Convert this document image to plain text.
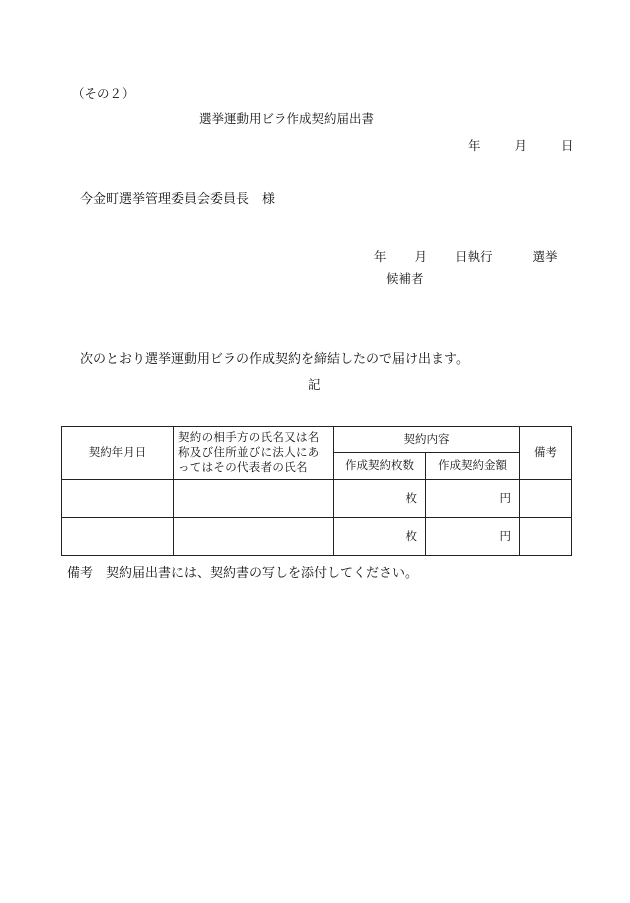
（その２）
選挙運動用ビラ作成契約届出書
年	月	日
今金町選挙管理委員会委員長　様
年 月 日執行	選挙
候補者
次のとおり選挙運動用ビラの作成契約を締結したので届け出ます。
記
契約年月日	契約の相手方の氏名又は名称及び住所並びに法人にあってはその代表者の氏名	契約内容		備考
		作成契約枚数	作成契約金額	
		枚	円	
		枚	円	
備考　契約届出書には、契約書の写しを添付してください。
